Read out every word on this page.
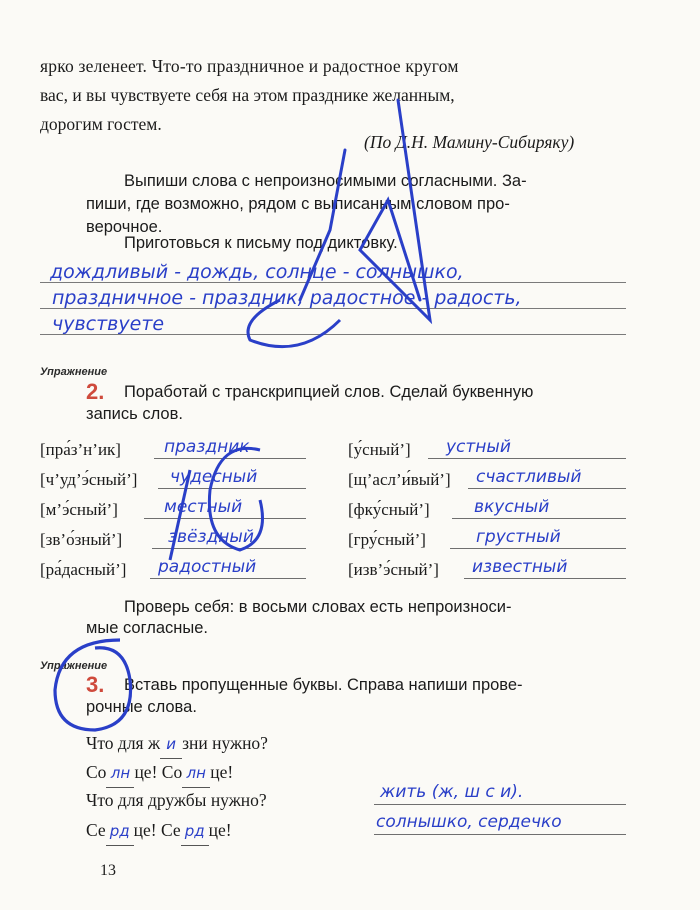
ярко зеленеет. Что-то праздничное и радостное кругом

вас, и вы чувствуете себя на этом празднике желанным,

дорогим гостем.

(По Д.Н. Мамину-Сибиряку)

Выпиши слова с непроизносимыми согласными. За-
пиши, где возможно, рядом с выписанным словом про-
верочное.
Приготовься к письму под диктовку.
дождливый - дождь, солнце - солнышко,
праздничное - праздник, радостное - радость,
чувствуете
Упражнение
2. Поработай с транскрипцией слов. Сделай буквенную
запись слов.
[пра́з’н’ик]	праздник	[у́сный’] устный
[ч’уд’э́сный’] чудесный	[щ’асл’и́вый’] счастливый
[м’э́сный’]	местный	[фку́сный’]	вкусный
[зв’о́зный’]	звёздный	[гру́сный’]	грустный
[ра́дасный’] радостный	[изв’э́сный’] известный
Проверь себя: в восьми словах есть непроизноси-
мые согласные.
Упражнение
3. Вставь пропущенные буквы. Справа напиши прове-
рочные слова.
Что для ж и зни нужно?
Со лн це! Со лн це!
Что для дружбы нужно?	жить (ж, ш с и).
Се рд це! Се рд це!	солнышко, сердечко
13
